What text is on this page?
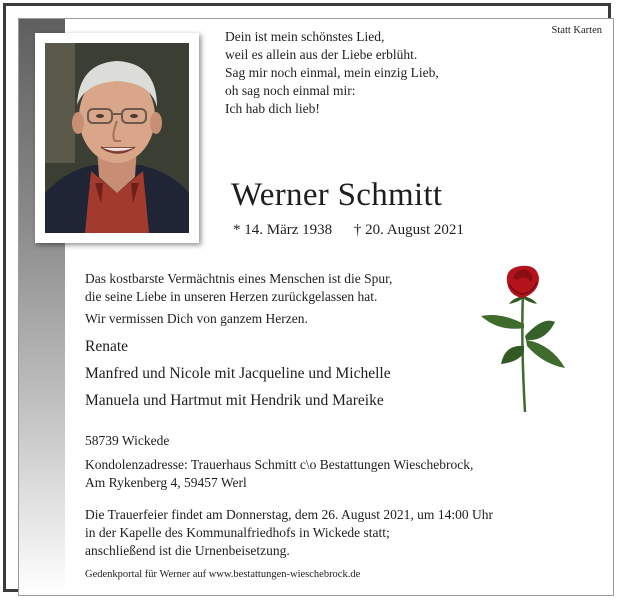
Statt Karten
Dein ist mein schönstes Lied,
weil es allein aus der Liebe erblüht.
Sag mir noch einmal, mein einzig Lieb,
oh sag noch einmal mir:
Ich hab dich lieb!
Werner Schmitt
* 14. März 1938 † 20. August 2021
Das kostbarste Vermächtnis eines Menschen ist die Spur,
die seine Liebe in unseren Herzen zurückgelassen hat.
Wir vermissen Dich von ganzem Herzen.
Renate
Manfred und Nicole mit Jacqueline und Michelle
Manuela und Hartmut mit Hendrik und Mareike
58739 Wickede
Kondolenzadresse: Trauerhaus Schmitt c\o Bestattungen Wieschebrock,
Am Rykenberg 4, 59457 Werl
Die Trauerfeier findet am Donnerstag, dem 26. August 2021, um 14:00 Uhr
in der Kapelle des Kommunalfriedhofs in Wickede statt;
anschließend ist die Urnenbeisetzung.
Gedenkportal für Werner auf www.bestattungen-wieschebrock.de
